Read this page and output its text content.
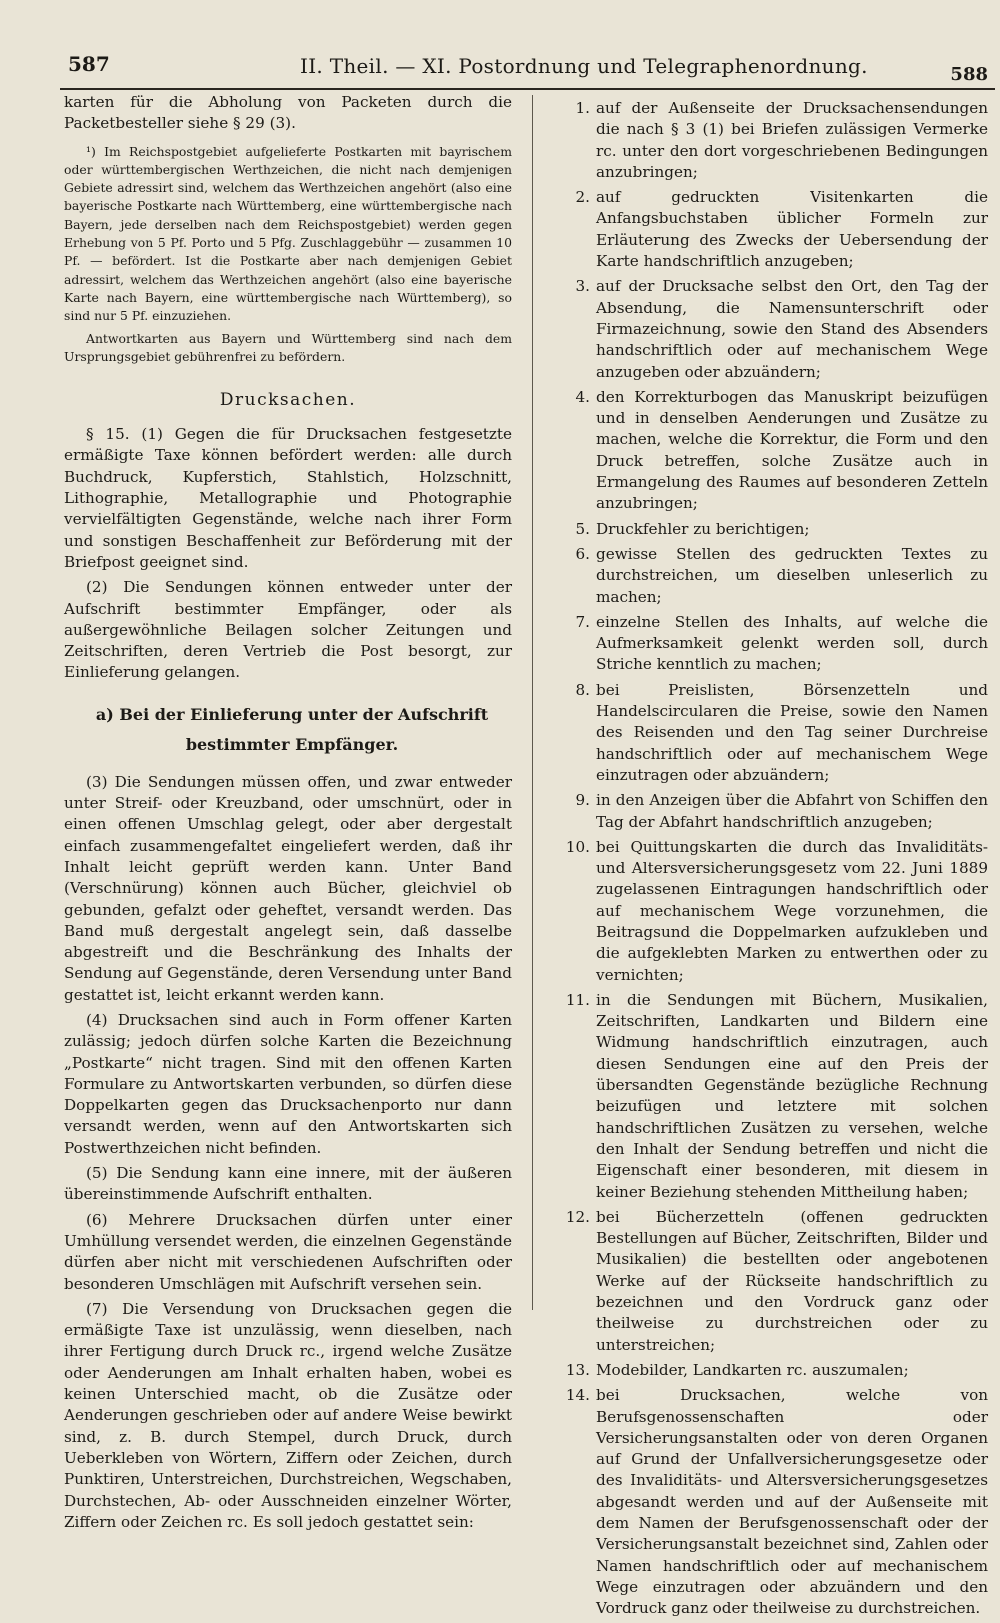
587	II. Theil. — XI. Postordnung und Telegraphenordnung.	588

karten für die Abholung von Packeten durch die Packetbesteller siehe § 29 (3).

¹) Im Reichspostgebiet aufgelieferte Postkarten mit bayrischem oder württembergischen Werthzeichen, die nicht nach demjenigen Gebiete adressirt sind, welchem das Werthzeichen angehört (also eine bayerische Postkarte nach Württemberg, eine württembergische nach Bayern, jede derselben nach dem Reichspostgebiet) werden gegen Erhebung von 5 Pf. Porto und 5 Pfg. Zuschlaggebühr — zusammen 10 Pf. — befördert. Ist die Postkarte aber nach demjenigen Gebiet adressirt, welchem das Werthzeichen angehört (also eine bayerische Karte nach Bayern, eine württembergische nach Württemberg), so sind nur 5 Pf. einzuziehen.

Antwortkarten aus Bayern und Württemberg sind nach dem Ursprungsgebiet gebührenfrei zu befördern.

Drucksachen.

§ 15. (1) Gegen die für Drucksachen festgesetzte ermäßigte Taxe können befördert werden: alle durch Buchdruck, Kupferstich, Stahlstich, Holzschnitt, Lithographie, Metallographie und Photographie vervielfältigten Gegenstände, welche nach ihrer Form und sonstigen Beschaffenheit zur Beförderung mit der Briefpost geeignet sind.

(2) Die Sendungen können entweder unter der Aufschrift bestimmter Empfänger, oder als außergewöhnliche Beilagen solcher Zeitungen und Zeitschriften, deren Vertrieb die Post besorgt, zur Einlieferung gelangen.

a) Bei der Einlieferung unter der Aufschrift bestimmter Empfänger.

(3) Die Sendungen müssen offen, und zwar entweder unter Streif- oder Kreuzband, oder umschnürt, oder in einen offenen Umschlag gelegt, oder aber dergestalt einfach zusammengefaltet eingeliefert werden, daß ihr Inhalt leicht geprüft werden kann. Unter Band (Verschnürung) können auch Bücher, gleichviel ob gebunden, gefalzt oder geheftet, versandt werden. Das Band muß dergestalt angelegt sein, daß dasselbe abgestreift und die Beschränkung des Inhalts der Sendung auf Gegenstände, deren Versendung unter Band gestattet ist, leicht erkannt werden kann.

(4) Drucksachen sind auch in Form offener Karten zulässig; jedoch dürfen solche Karten die Bezeichnung „Postkarte“ nicht tragen. Sind mit den offenen Karten Formulare zu Antwortskarten verbunden, so dürfen diese Doppelkarten gegen das Drucksachenporto nur dann versandt werden, wenn auf den Antwortskarten sich Postwerthzeichen nicht befinden.

(5) Die Sendung kann eine innere, mit der äußeren übereinstimmende Aufschrift enthalten.

(6) Mehrere Drucksachen dürfen unter einer Umhüllung versendet werden, die einzelnen Gegenstände dürfen aber nicht mit verschiedenen Aufschriften oder besonderen Umschlägen mit Aufschrift versehen sein.

(7) Die Versendung von Drucksachen gegen die ermäßigte Taxe ist unzulässig, wenn dieselben, nach ihrer Fertigung durch Druck rc., irgend welche Zusätze oder Aenderungen am Inhalt erhalten haben, wobei es keinen Unterschied macht, ob die Zusätze oder Aenderungen geschrieben oder auf andere Weise bewirkt sind, z. B. durch Stempel, durch Druck, durch Ueberkleben von Wörtern, Ziffern oder Zeichen, durch Punktiren, Unterstreichen, Durchstreichen, Wegschaben, Durchstechen, Ab- oder Ausschneiden einzelner Wörter, Ziffern oder Zeichen rc. Es soll jedoch gestattet sein:

1. auf der Außenseite der Drucksachensendungen die nach § 3 (1) bei Briefen zulässigen Vermerke rc. unter den dort vorgeschriebenen Bedingungen anzubringen;
2. auf gedruckten Visitenkarten die Anfangsbuchstaben üblicher Formeln zur Erläuterung des Zwecks der Uebersendung der Karte handschriftlich anzugeben;
3. auf der Drucksache selbst den Ort, den Tag der Absendung, die Namensunterschrift oder Firmazeichnung, sowie den Stand des Absenders handschriftlich oder auf mechanischem Wege anzugeben oder abzuändern;
4. den Korrekturbogen das Manuskript beizufügen und in denselben Aenderungen und Zusätze zu machen, welche die Korrektur, die Form und den Druck betreffen, solche Zusätze auch in Ermangelung des Raumes auf besonderen Zetteln anzubringen;
5. Druckfehler zu berichtigen;
6. gewisse Stellen des gedruckten Textes zu durchstreichen, um dieselben unleserlich zu machen;
7. einzelne Stellen des Inhalts, auf welche die Aufmerksamkeit gelenkt werden soll, durch Striche kenntlich zu machen;
8. bei Preislisten, Börsenzetteln und Handelscircularen die Preise, sowie den Namen des Reisenden und den Tag seiner Durchreise handschriftlich oder auf mechanischem Wege einzutragen oder abzuändern;
9. in den Anzeigen über die Abfahrt von Schiffen den Tag der Abfahrt handschriftlich anzugeben;
10. bei Quittungskarten die durch das Invaliditäts- und Altersversicherungsgesetz vom 22. Juni 1889 zugelassenen Eintragungen handschriftlich oder auf mechanischem Wege vorzunehmen, die Beitragsund die Doppelmarken aufzukleben und die aufgeklebten Marken zu entwerthen oder zu vernichten;
11. in die Sendungen mit Büchern, Musikalien, Zeitschriften, Landkarten und Bildern eine Widmung handschriftlich einzutragen, auch diesen Sendungen eine auf den Preis der übersandten Gegenstände bezügliche Rechnung beizufügen und letztere mit solchen handschriftlichen Zusätzen zu versehen, welche den Inhalt der Sendung betreffen und nicht die Eigenschaft einer besonderen, mit diesem in keiner Beziehung stehenden Mittheilung haben;
12. bei Bücherzetteln (offenen gedruckten Bestellungen auf Bücher, Zeitschriften, Bilder und Musikalien) die bestellten oder angebotenen Werke auf der Rückseite handschriftlich zu bezeichnen und den Vordruck ganz oder theilweise zu durchstreichen oder zu unterstreichen;
13. Modebilder, Landkarten rc. auszumalen;
14. bei Drucksachen, welche von Berufsgenossenschaften oder Versicherungsanstalten oder von deren Organen auf Grund der Unfallversicherungsgesetze oder des Invaliditäts- und Altersversicherungsgesetzes abgesandt werden und auf der Außenseite mit dem Namen der Berufsgenossenschaft oder der Versicherungsanstalt bezeichnet sind, Zahlen oder Namen handschriftlich oder auf mechanischem Wege einzutragen oder abzuändern und den Vordruck ganz oder theilweise zu durchstreichen.
